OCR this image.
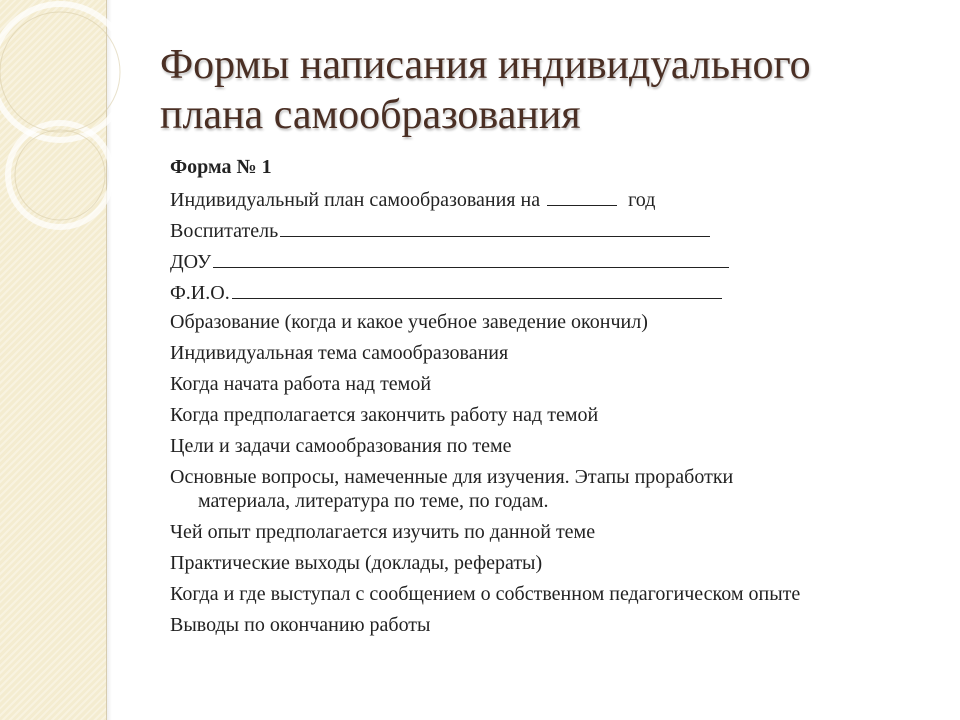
Формы написания индивидуального
плана самообразования
Форма № 1
Индивидуальный план самообразования на	год
Воспитатель
ДОУ
Ф.И.О.
Образование (когда и какое учебное заведение окончил)
Индивидуальная тема самообразования
Когда начата работа над темой
Когда предполагается закончить работу над темой
Цели и задачи самообразования по теме
Основные вопросы, намеченные для изучения. Этапы проработки
материала, литература по теме, по годам.
Чей опыт предполагается изучить по данной теме
Практические выходы (доклады, рефераты)
Когда и где выступал с сообщением о собственном педагогическом опыте
Выводы по окончанию работы
